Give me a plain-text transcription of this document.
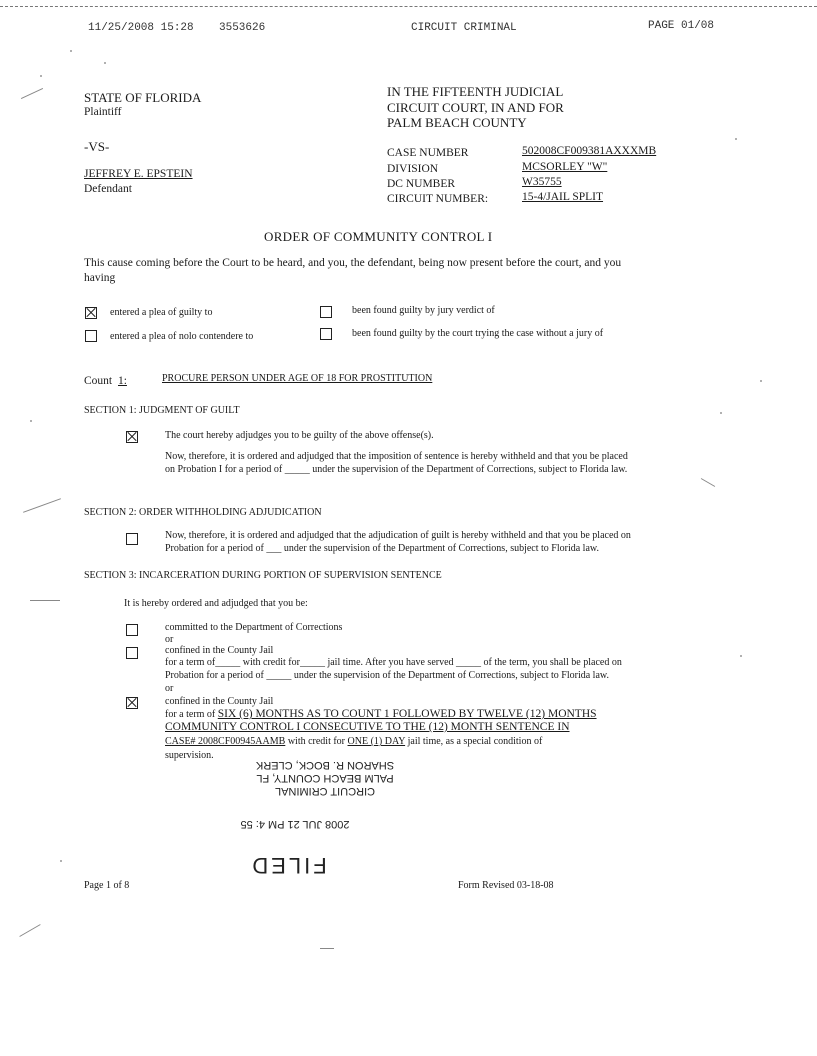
11/25/2008 15:28 3553626	CIRCUIT CRIMINAL	PAGE 01/08
STATE OF FLORIDA
Plaintiff
-VS-
JEFFREY E. EPSTEIN
Defendant
IN THE FIFTEENTH JUDICIAL
CIRCUIT COURT, IN AND FOR
PALM BEACH COUNTY
CASE NUMBER	502008CF009381AXXXMB
DIVISION	MCSORLEY "W"
DC NUMBER	W35755
CIRCUIT NUMBER:	15-4/JAIL SPLIT
ORDER OF COMMUNITY CONTROL I
This cause coming before the Court to be heard, and you, the defendant, being now present before the court, and you
having
entered a plea of guilty to
entered a plea of nolo contendere to
been found guilty by jury verdict of
been found guilty by the court trying the case without a jury of
Count 1:	PROCURE PERSON UNDER AGE OF 18 FOR PROSTITUTION
SECTION 1: JUDGMENT OF GUILT
The court hereby adjudges you to be guilty of the above offense(s).
Now, therefore, it is ordered and adjudged that the imposition of sentence is hereby withheld and that you be placed
on Probation I for a period of _____ under the supervision of the Department of Corrections, subject to Florida law.
SECTION 2: ORDER WITHHOLDING ADJUDICATION
Now, therefore, it is ordered and adjudged that the adjudication of guilt is hereby withheld and that you be placed on
Probation for a period of ___ under the supervision of the Department of Corrections, subject to Florida law.
SECTION 3: INCARCERATION DURING PORTION OF SUPERVISION SENTENCE
It is hereby ordered and adjudged that you be:
committed to the Department of Corrections
or
confined in the County Jail
for a term of_____ with credit for_____ jail time. After you have served _____ of the term, you shall be placed on
Probation for a period of _____ under the supervision of the Department of Corrections, subject to Florida law.
or
confined in the County Jail
for a term of SIX (6) MONTHS AS TO COUNT 1 FOLLOWED BY TWELVE (12) MONTHS
COMMUNITY CONTROL I CONSECUTIVE TO THE (12) MONTH SENTENCE IN
CASE# 2008CF00945AAMB with credit for ONE (1) DAY jail time, as a special condition of
supervision.
CIRCUIT CRIMINAL
PALM BEACH COUNTY, FL
SHARON R. BOCK, CLERK
2008 JUL 21 PM 4: 55
FILED
Page 1 of 8	Form Revised 03-18-08
